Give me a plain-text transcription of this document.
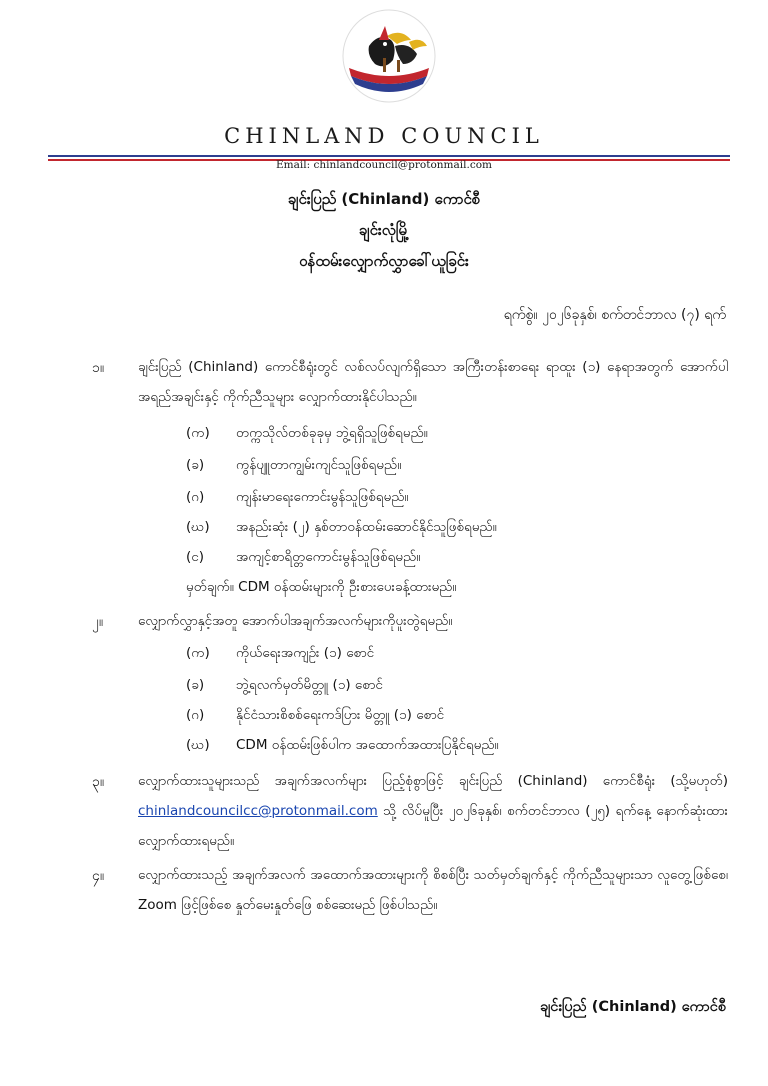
CHINLAND COUNCIL
Email: chinlandcouncil@protonmail.com
ချင်းပြည် (Chinland) ကောင်စီ
ချင်းလုံမြို့
ဝန်ထမ်းလျှောက်လွှာခေါ်ယူခြင်း
ရက်စွဲ။ ၂၀၂၆ခုနှစ်၊ စက်တင်ဘာလ (၇) ရက်
၁။	ချင်းပြည် (Chinland) ကောင်စီရုံးတွင် လစ်လပ်လျက်ရှိသော အကြီးတန်းစာရေး ရာထူး (၁) နေရာအတွက် အောက်ပါ အရည်အချင်းနှင့် ကိုက်ညီသူများ လျှောက်ထားနိုင်ပါသည်။
(က) တက္ကသိုလ်တစ်ခုခုမှ ဘွဲ့ရရှိသူဖြစ်ရမည်။
(ခ) ကွန်ပျူတာကျွမ်းကျင်သူဖြစ်ရမည်။
(ဂ) ကျန်းမာရေးကောင်းမွန်သူဖြစ်ရမည်။
(ဃ) အနည်းဆုံး (၂) နှစ်တာဝန်ထမ်းဆောင်နိုင်သူဖြစ်ရမည်။
(င) အကျင့်စာရိတ္တကောင်းမွန်သူဖြစ်ရမည်။
မှတ်ချက်။ CDM ဝန်ထမ်းများကို ဦးစားပေးခန့်ထားမည်။
၂။	လျှောက်လွှာနှင့်အတူ အောက်ပါအချက်အလက်များကိုပူးတွဲရမည်။
(က) ကိုယ်ရေးအကျဉ်း (၁) စောင်
(ခ) ဘွဲ့ရလက်မှတ်မိတ္တူ (၁) စောင်
(ဂ) နိုင်ငံသားစိစစ်ရေးကဒ်ပြား မိတ္တူ (၁) စောင်
(ဃ) CDM ဝန်ထမ်းဖြစ်ပါက အထောက်အထားပြနိုင်ရမည်။
၃။	လျှောက်ထားသူများသည် အချက်အလက်များ ပြည့်စုံစွာဖြင့် ချင်းပြည် (Chinland) ကောင်စီရုံး (သို့မဟုတ်) chinlandcouncilcc@protonmail.com သို့ လိပ်မူပြီး ၂၀၂၆ခုနှစ်၊ စက်တင်ဘာလ (၂၅) ရက်နေ့ နောက်ဆုံးထားလျှောက်ထားရမည်။
၄။	လျှောက်ထားသည့် အချက်အလက် အထောက်အထားများကို စိစစ်ပြီး သတ်မှတ်ချက်နှင့် ကိုက်ညီသူများသာ လူတွေ့ဖြစ်စေ၊ Zoom ဖြင့်ဖြစ်စေ နှုတ်မေးနှုတ်ဖြေ စစ်ဆေးမည် ဖြစ်ပါသည်။
ချင်းပြည် (Chinland) ကောင်စီ
